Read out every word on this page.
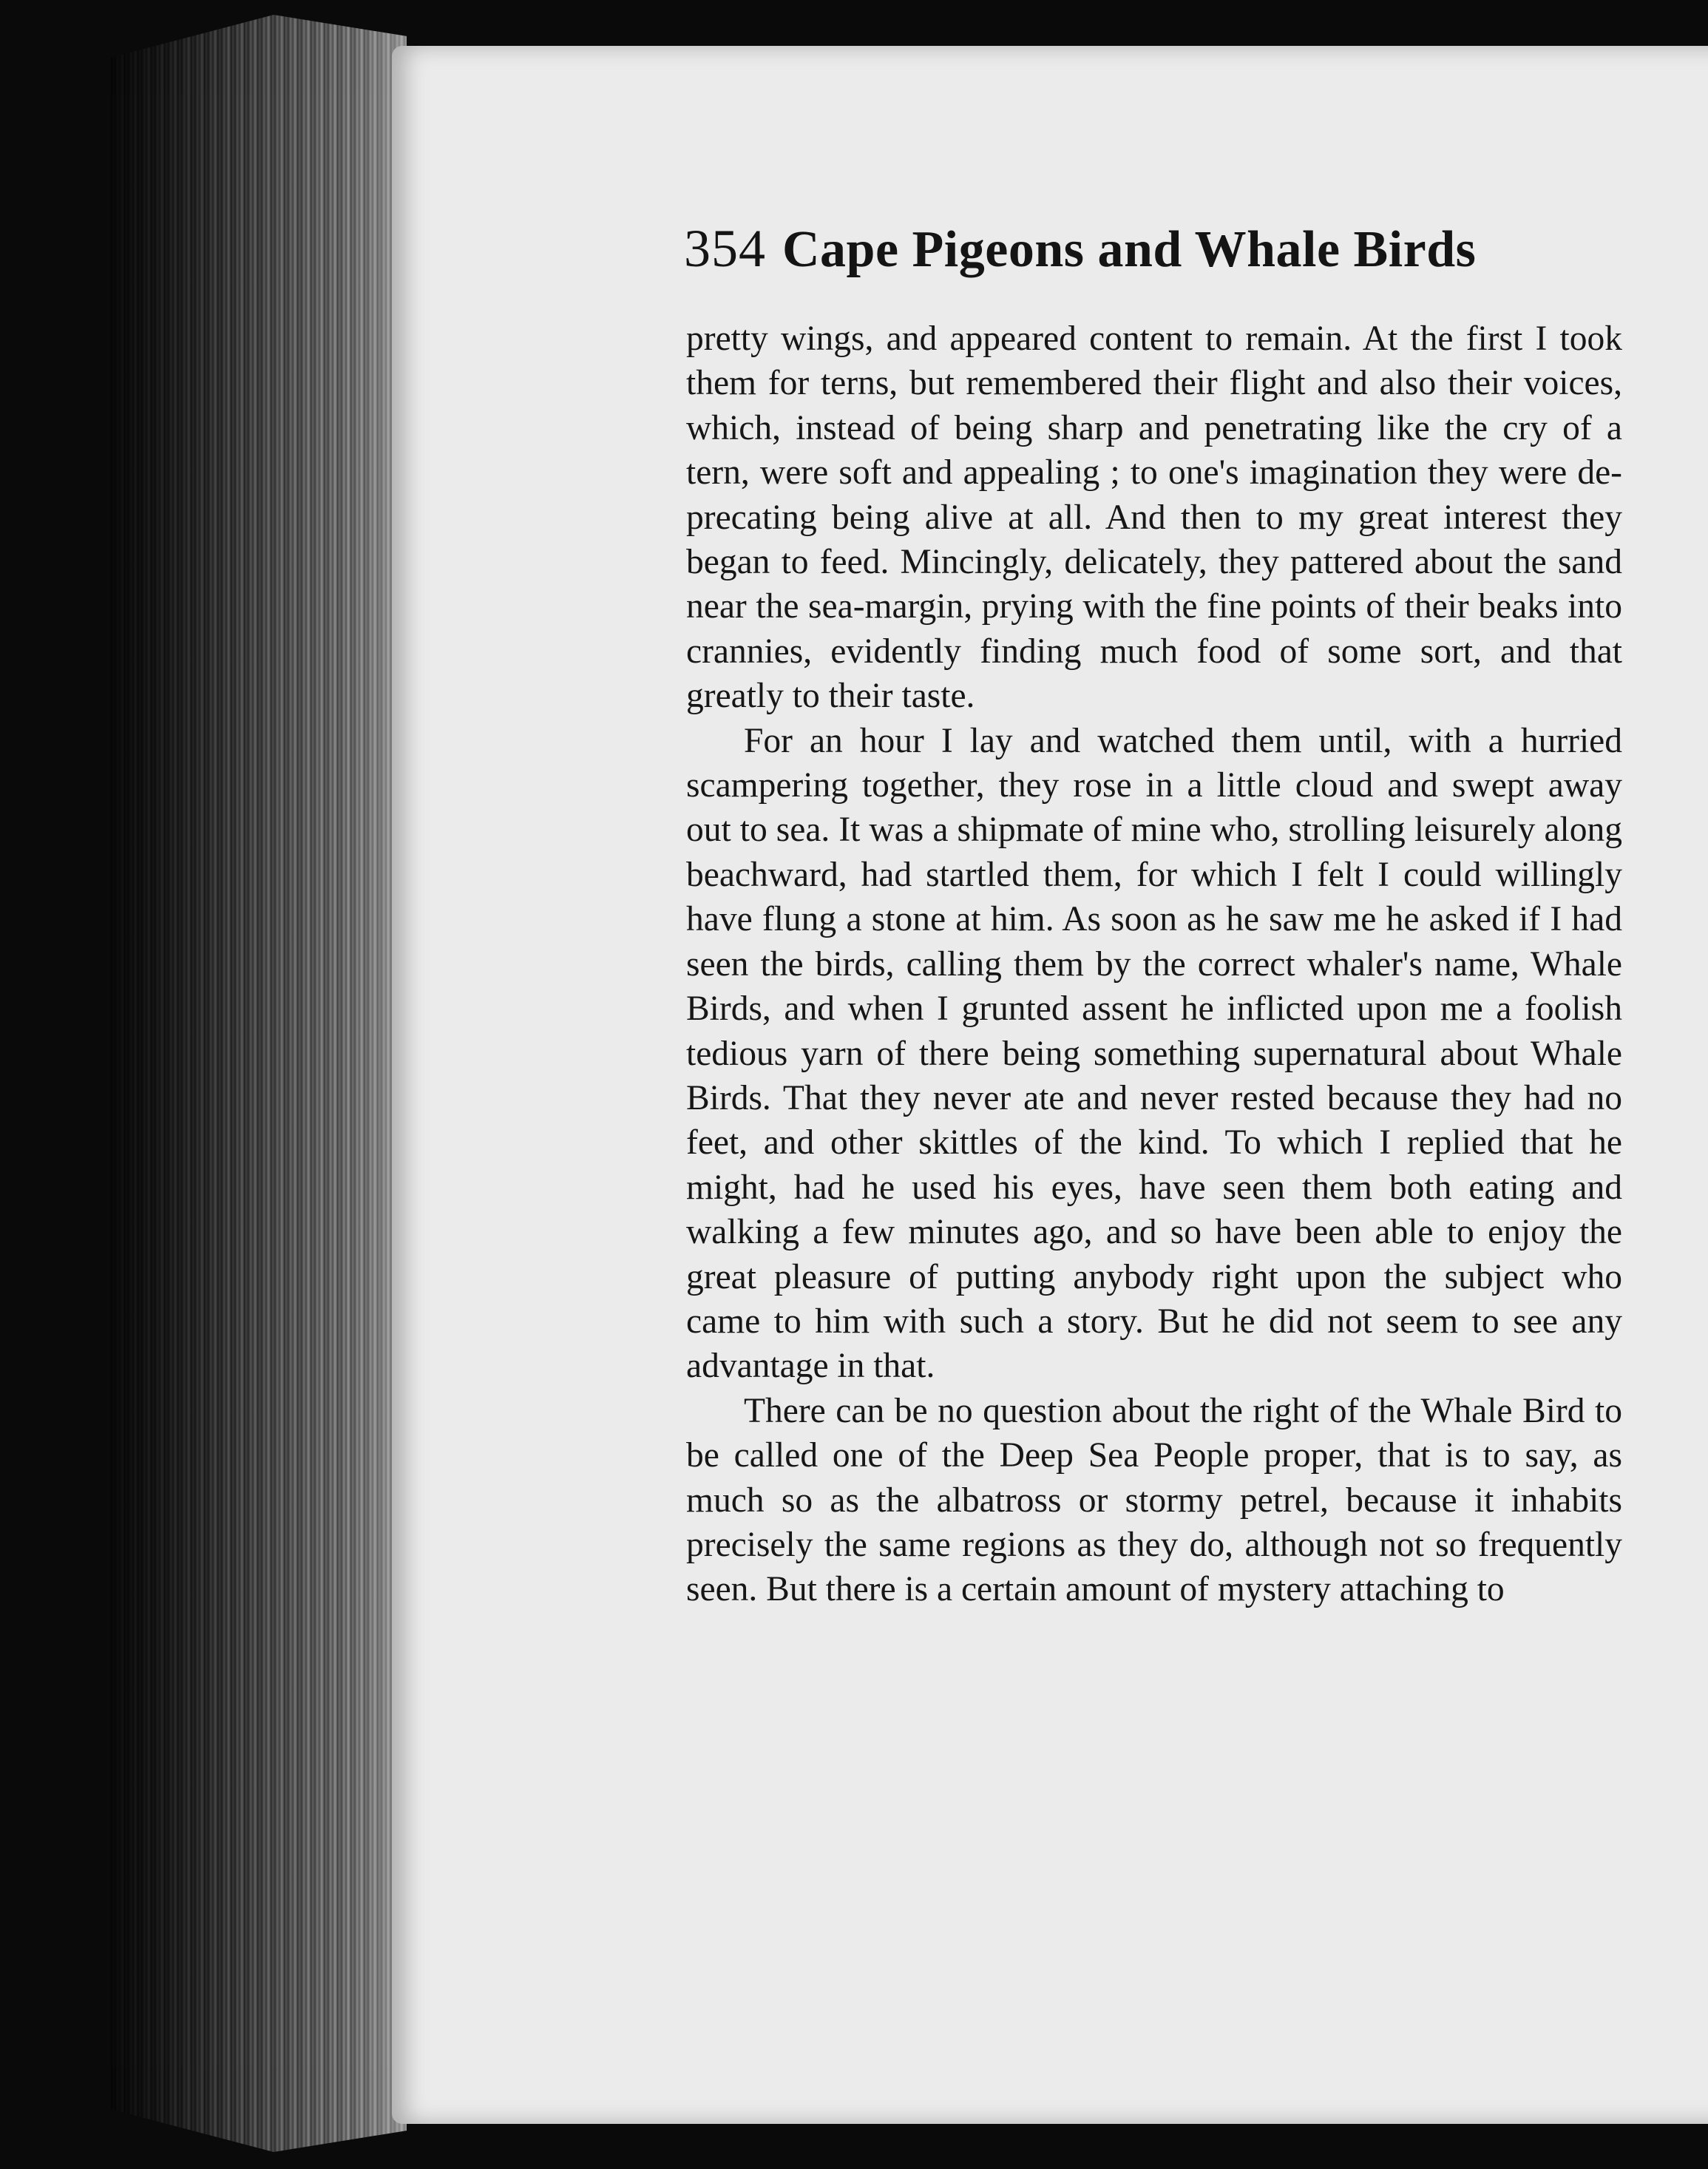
354 Cape Pigeons and Whale Birds

pretty wings, and appeared content to remain. At the first I took them for terns, but remembered their flight and also their voices, which, instead of being sharp and penetrating like the cry of a tern, were soft and appealing ; to one's imagination they were de-precating being alive at all. And then to my great interest they began to feed. Mincingly, delicately, they pattered about the sand near the sea-margin, prying with the fine points of their beaks into crannies, evidently finding much food of some sort, and that greatly to their taste.

For an hour I lay and watched them until, with a hurried scampering together, they rose in a little cloud and swept away out to sea. It was a shipmate of mine who, strolling leisurely along beachward, had startled them, for which I felt I could willingly have flung a stone at him. As soon as he saw me he asked if I had seen the birds, calling them by the correct whaler's name, Whale Birds, and when I grunted assent he inflicted upon me a foolish tedious yarn of there being something supernatural about Whale Birds. That they never ate and never rested because they had no feet, and other skittles of the kind. To which I replied that he might, had he used his eyes, have seen them both eating and walking a few minutes ago, and so have been able to enjoy the great pleasure of putting anybody right upon the subject who came to him with such a story. But he did not seem to see any advantage in that.

There can be no question about the right of the Whale Bird to be called one of the Deep Sea People proper, that is to say, as much so as the albatross or stormy petrel, because it inhabits precisely the same regions as they do, although not so frequently seen. But there is a certain amount of mystery attaching to
